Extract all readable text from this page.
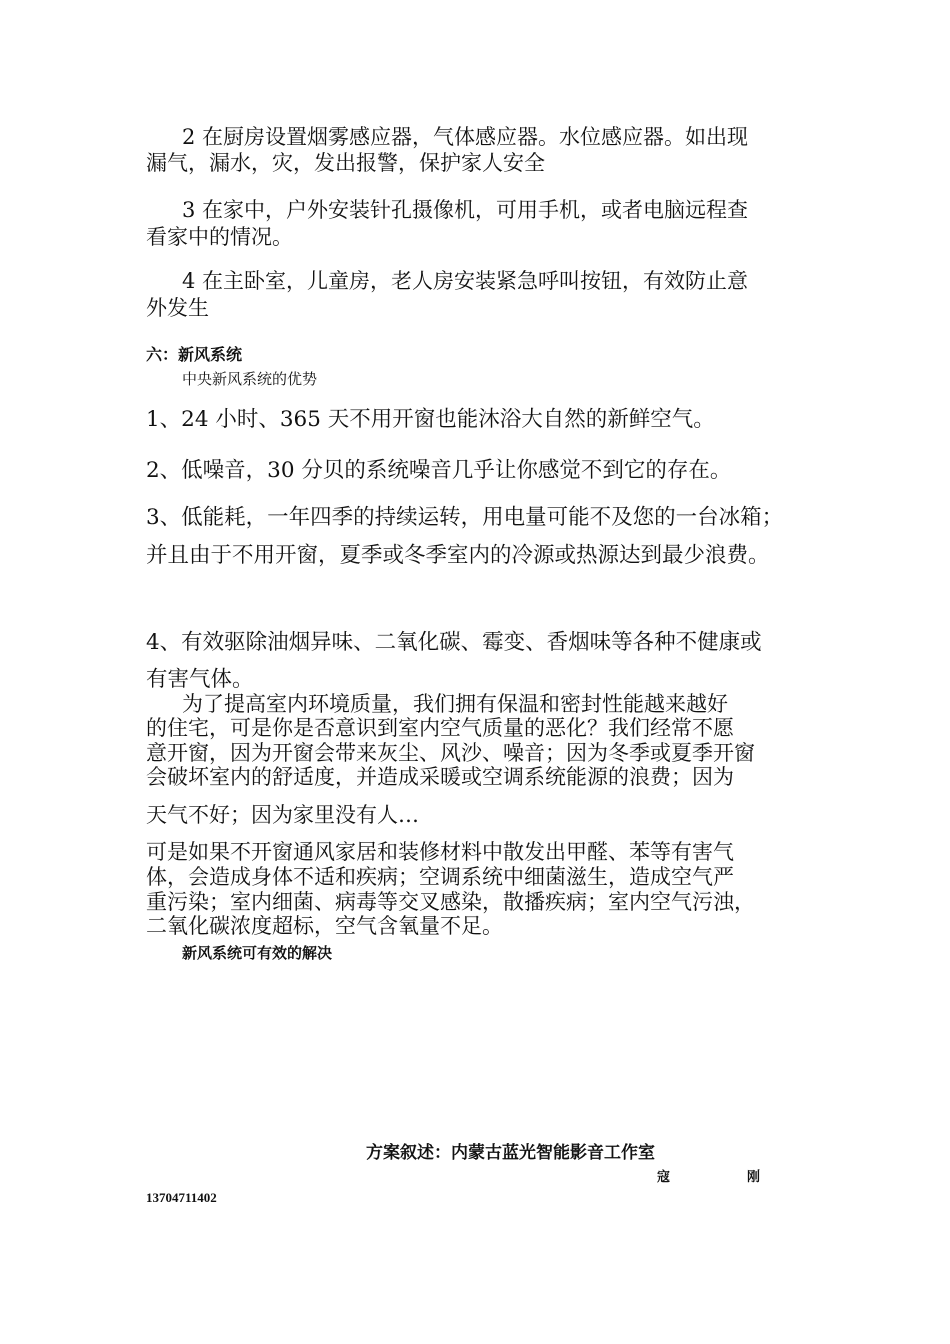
2 在厨房设置烟雾感应器，气体感应器。水位感应器。如出现
漏气，漏水，灾，发出报警，保护家人安全
3 在家中，户外安装针孔摄像机，可用手机，或者电脑远程查
看家中的情况。
4 在主卧室，儿童房，老人房安装紧急呼叫按钮，有效防止意
外发生
六：新风系统
中央新风系统的优势
1、24 小时、365 天不用开窗也能沐浴大自然的新鲜空气。
2、低噪音，30 分贝的系统噪音几乎让你感觉不到它的存在。
3、低能耗，一年四季的持续运转，用电量可能不及您的一台冰箱；
并且由于不用开窗，夏季或冬季室内的冷源或热源达到最少浪费。
4、有效驱除油烟异味、二氧化碳、霉变、香烟味等各种不健康或
有害气体。
为了提高室内环境质量，我们拥有保温和密封性能越来越好
的住宅，可是你是否意识到室内空气质量的恶化？我们经常不愿
意开窗，因为开窗会带来灰尘、风沙、噪音；因为冬季或夏季开窗
会破坏室内的舒适度，并造成采暖或空调系统能源的浪费；因为
天气不好；因为家里没有人…
可是如果不开窗通风家居和装修材料中散发出甲醛、苯等有害气
体，会造成身体不适和疾病；空调系统中细菌滋生，造成空气严
重污染；室内细菌、病毒等交叉感染，散播疾病；室内空气污浊，
二氧化碳浓度超标，空气含氧量不足。
新风系统可有效的解决
方案叙述：内蒙古蓝光智能影音工作室
寇	刚
13704711402
